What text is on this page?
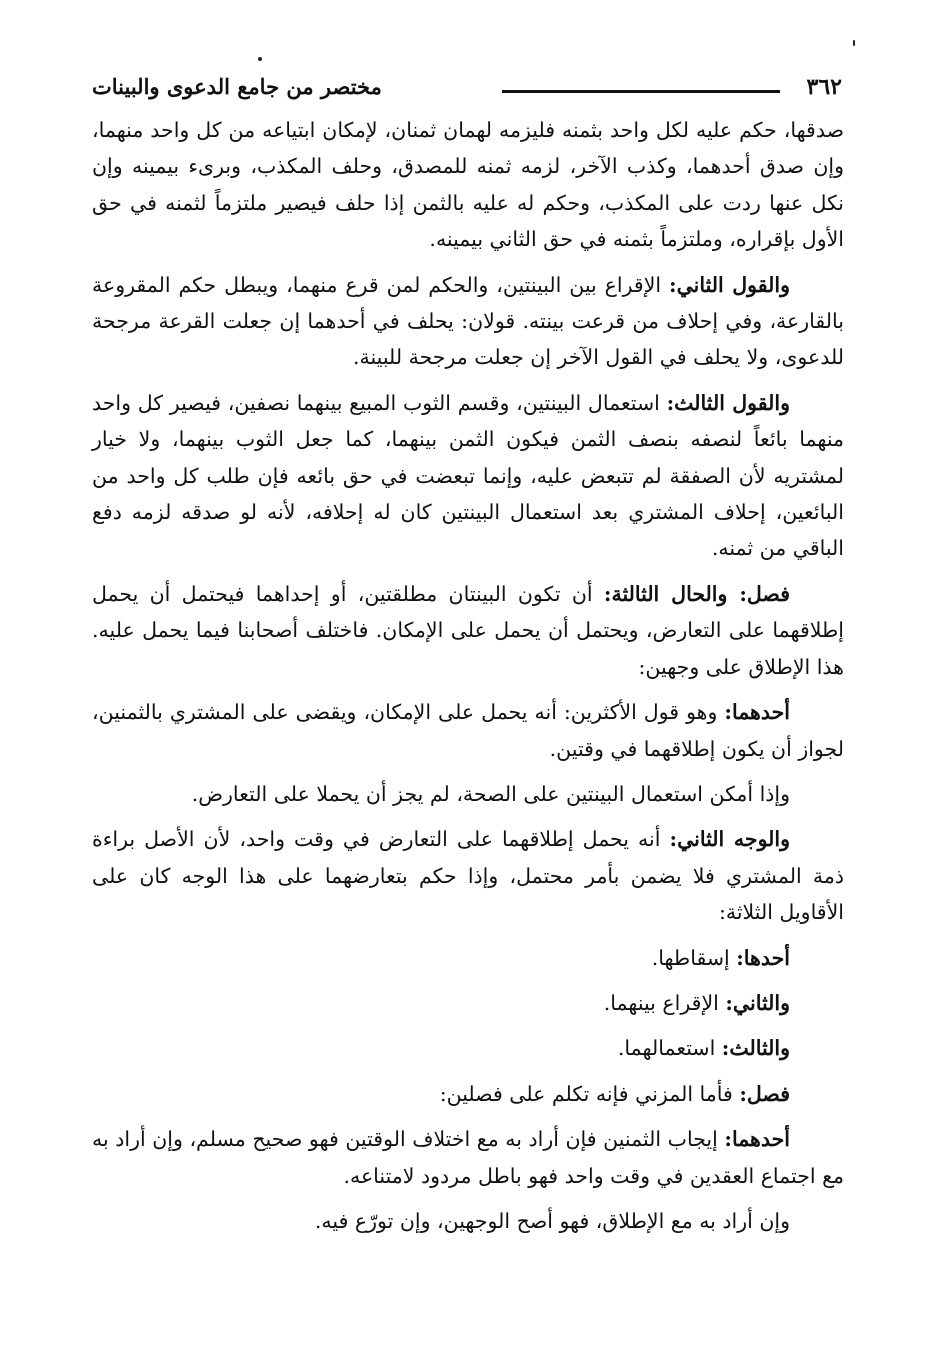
٣٦٢
مختصر من جامع الدعوى والبينات

صدقها، حكم عليه لكل واحد بثمنه فليزمه لهمان ثمنان، لإمكان ابتياعه من كل واحد منهما، وإن صدق أحدهما، وكذب الآخر، لزمه ثمنه للمصدق، وحلف المكذب، وبرىء بيمينه وإن نكل عنها ردت على المكذب، وحكم له عليه بالثمن إذا حلف فيصير ملتزماً لثمنه في حق الأول بإقراره، وملتزماً بثمنه في حق الثاني بيمينه.

والقول الثاني: الإقراع بين البينتين، والحكم لمن قرع منهما، ويبطل حكم المقروعة بالقارعة، وفي إحلاف من قرعت بينته. قولان: يحلف في أحدهما إن جعلت القرعة مرجحة للدعوى، ولا يحلف في القول الآخر إن جعلت مرجحة للبينة.

والقول الثالث: استعمال البينتين، وقسم الثوب المبيع بينهما نصفين، فيصير كل واحد منهما بائعاً لنصفه بنصف الثمن فيكون الثمن بينهما، كما جعل الثوب بينهما، ولا خيار لمشتريه لأن الصفقة لم تتبعض عليه، وإنما تبعضت في حق بائعه فإن طلب كل واحد من البائعين، إحلاف المشتري بعد استعمال البينتين كان له إحلافه، لأنه لو صدقه لزمه دفع الباقي من ثمنه.

فصل: والحال الثالثة: أن تكون البينتان مطلقتين، أو إحداهما فيحتمل أن يحمل إطلاقهما على التعارض، ويحتمل أن يحمل على الإمكان. فاختلف أصحابنا فيما يحمل عليه. هذا الإطلاق على وجهين:

أحدهما: وهو قول الأكثرين: أنه يحمل على الإمكان، ويقضى على المشتري بالثمنين، لجواز أن يكون إطلاقهما في وقتين.

وإذا أمكن استعمال البينتين على الصحة، لم يجز أن يحملا على التعارض.

والوجه الثاني: أنه يحمل إطلاقهما على التعارض في وقت واحد، لأن الأصل براءة ذمة المشتري فلا يضمن بأمر محتمل، وإذا حكم بتعارضهما على هذا الوجه كان على الأقاويل الثلاثة:

أحدها: إسقاطها.

والثاني: الإقراع بينهما.

والثالث: استعمالهما.

فصل: فأما المزني فإنه تكلم على فصلين:

أحدهما: إيجاب الثمنين فإن أراد به مع اختلاف الوقتين فهو صحيح مسلم، وإن أراد به مع اجتماع العقدين في وقت واحد فهو باطل مردود لامتناعه.

وإن أراد به مع الإطلاق، فهو أصح الوجهين، وإن تورّع فيه.
